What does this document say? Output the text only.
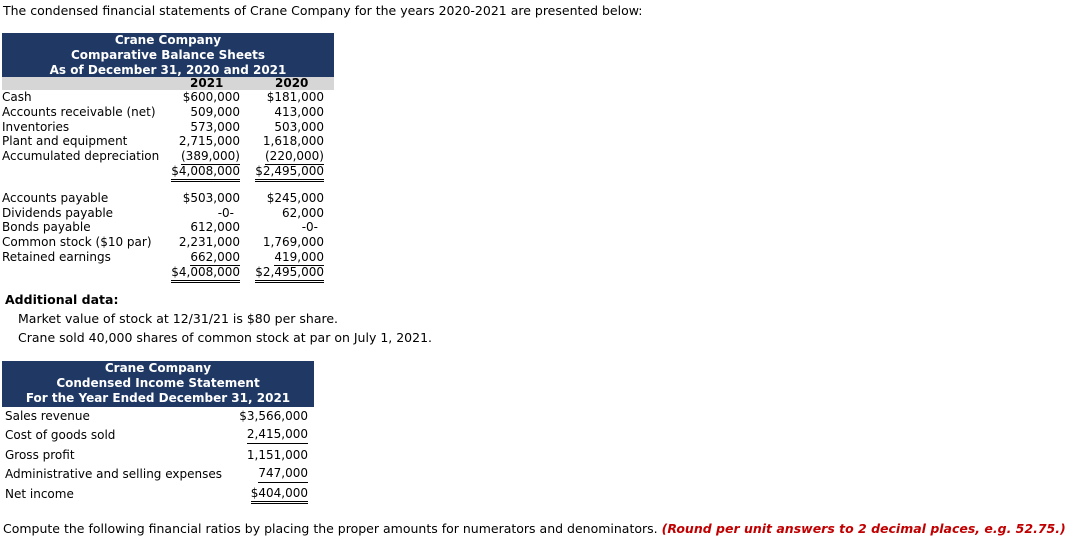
The condensed financial statements of Crane Company for the years 2020-2021 are presented below:
Crane Company
Comparative Balance Sheets
As of December 31, 2020 and 2021
2021	2020
Cash	$600,000 $181,000
Accounts receivable (net)	509,000	413,000
Inventories	573,000	503,000
Plant and equipment	2,715,000 1,618,000
Accumulated depreciation (389,000) (220,000)
$4,008,000 $2,495,000
Accounts payable	$503,000 $245,000
Dividends payable	-0-	62,000
Bonds payable	612,000	-0-
Common stock ($10 par) 2,231,000 1,769,000
Retained earnings	662,000	419,000
$4,008,000 $2,495,000
Additional data:
Market value of stock at 12/31/21 is $80 per share.
Crane sold 40,000 shares of common stock at par on July 1, 2021.
Crane Company
Condensed Income Statement
For the Year Ended December 31, 2021
Sales revenue	$3,566,000
Cost of goods sold	2,415,000
Gross profit	1,151,000
Administrative and selling expenses	747,000
Net income	$404,000
Compute the following financial ratios by placing the proper amounts for numerators and denominators. (Round per unit answers to 2 decimal places, e.g. 52.75.)
